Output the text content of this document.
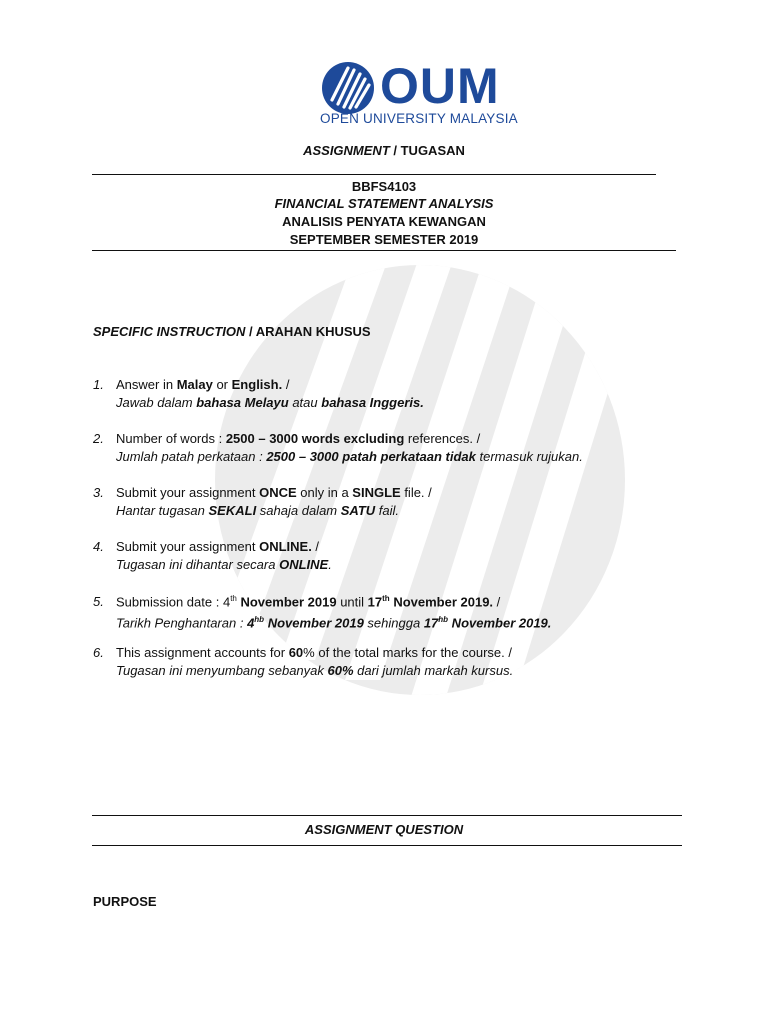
OUM
OPEN UNIVERSITY MALAYSIA
ASSIGNMENT / TUGASAN
BBFS4103
FINANCIAL STATEMENT ANALYSIS
ANALISIS PENYATA KEWANGAN
SEPTEMBER SEMESTER 2019
SPECIFIC INSTRUCTION / ARAHAN KHUSUS
1. Answer in Malay or English. /
Jawab dalam bahasa Melayu atau bahasa Inggeris.
2. Number of words : 2500 – 3000 words excluding references. /
Jumlah patah perkataan : 2500 – 3000 patah perkataan tidak termasuk rujukan.
3. Submit your assignment ONCE only in a SINGLE file. /
Hantar tugasan SEKALI sahaja dalam SATU fail.
4. Submit your assignment ONLINE. /
Tugasan ini dihantar secara ONLINE.
5. Submission date : 4th November 2019 until 17th November 2019. /
Tarikh Penghantaran : $4^{hb}$ November 2019 sehingga $17^{hb}$ November 2019.
6. This assignment accounts for 60% of the total marks for the course. /
Tugasan ini menyumbang sebanyak 60% dari jumlah markah kursus.
ASSIGNMENT QUESTION
PURPOSE
